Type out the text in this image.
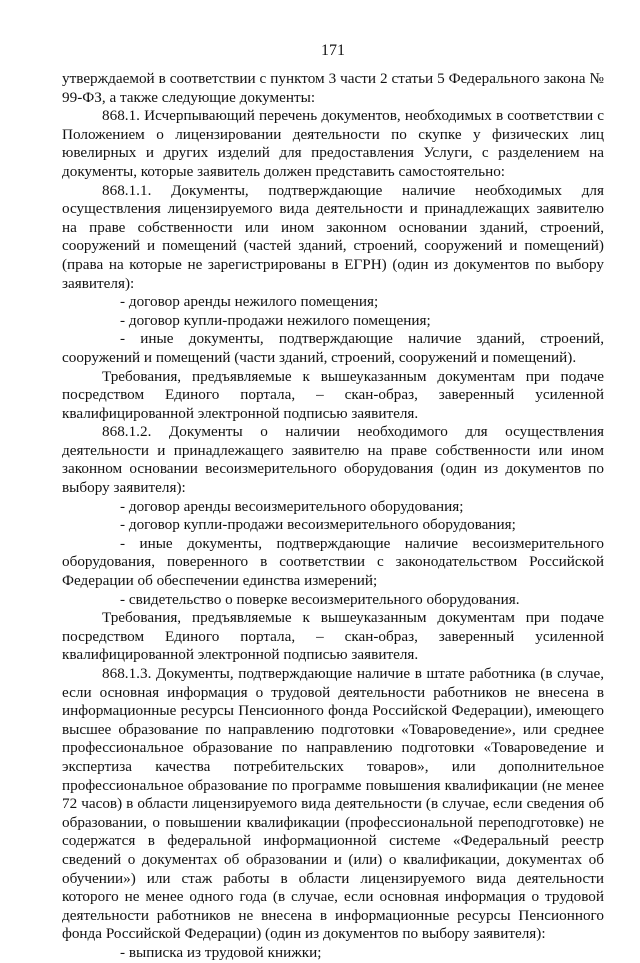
171

утверждаемой в соответствии с пунктом 3 части 2 статьи 5 Федерального закона № 99-ФЗ, а также следующие документы:

868.1. Исчерпывающий перечень документов, необходимых в соответствии с Положением о лицензировании деятельности по скупке у физических лиц ювелирных и других изделий для предоставления Услуги, с разделением на документы, которые заявитель должен представить самостоятельно:

868.1.1. Документы, подтверждающие наличие необходимых для осуществления лицензируемого вида деятельности и принадлежащих заявителю на праве собственности или ином законном основании зданий, строений, сооружений и помещений (частей зданий, строений, сооружений и помещений) (права на которые не зарегистрированы в ЕГРН) (один из документов по выбору заявителя):

- договор аренды нежилого помещения;

- договор купли-продажи нежилого помещения;

- иные документы, подтверждающие наличие зданий, строений, сооружений и помещений (части зданий, строений, сооружений и помещений).

Требования, предъявляемые к вышеуказанным документам при подаче посредством Единого портала, – скан-образ, заверенный усиленной квалифицированной электронной подписью заявителя.

868.1.2. Документы о наличии необходимого для осуществления деятельности и принадлежащего заявителю на праве собственности или ином законном основании весоизмерительного оборудования (один из документов по выбору заявителя):

- договор аренды весоизмерительного оборудования;

- договор купли-продажи весоизмерительного оборудования;

- иные документы, подтверждающие наличие весоизмерительного оборудования, поверенного в соответствии с законодательством Российской Федерации об обеспечении единства измерений;

- свидетельство о поверке весоизмерительного оборудования.

Требования, предъявляемые к вышеуказанным документам при подаче посредством Единого портала, – скан-образ, заверенный усиленной квалифицированной электронной подписью заявителя.

868.1.3. Документы, подтверждающие наличие в штате работника (в случае, если основная информация о трудовой деятельности работников не внесена в информационные ресурсы Пенсионного фонда Российской Федерации), имеющего высшее образование по направлению подготовки «Товароведение», или среднее профессиональное образование по направлению подготовки «Товароведение и экспертиза качества потребительских товаров», или дополнительное профессиональное образование по программе повышения квалификации (не менее 72 часов) в области лицензируемого вида деятельности (в случае, если сведения об образовании, о повышении квалификации (профессиональной переподготовке) не содержатся в федеральной информационной системе «Федеральный реестр сведений о документах об образовании и (или) о квалификации, документах об обучении») или стаж работы в области лицензируемого вида деятельности которого не менее одного года (в случае, если основная информация о трудовой деятельности работников не внесена в информационные ресурсы Пенсионного фонда Российской Федерации) (один из документов по выбору заявителя):

- выписка из трудовой книжки;
